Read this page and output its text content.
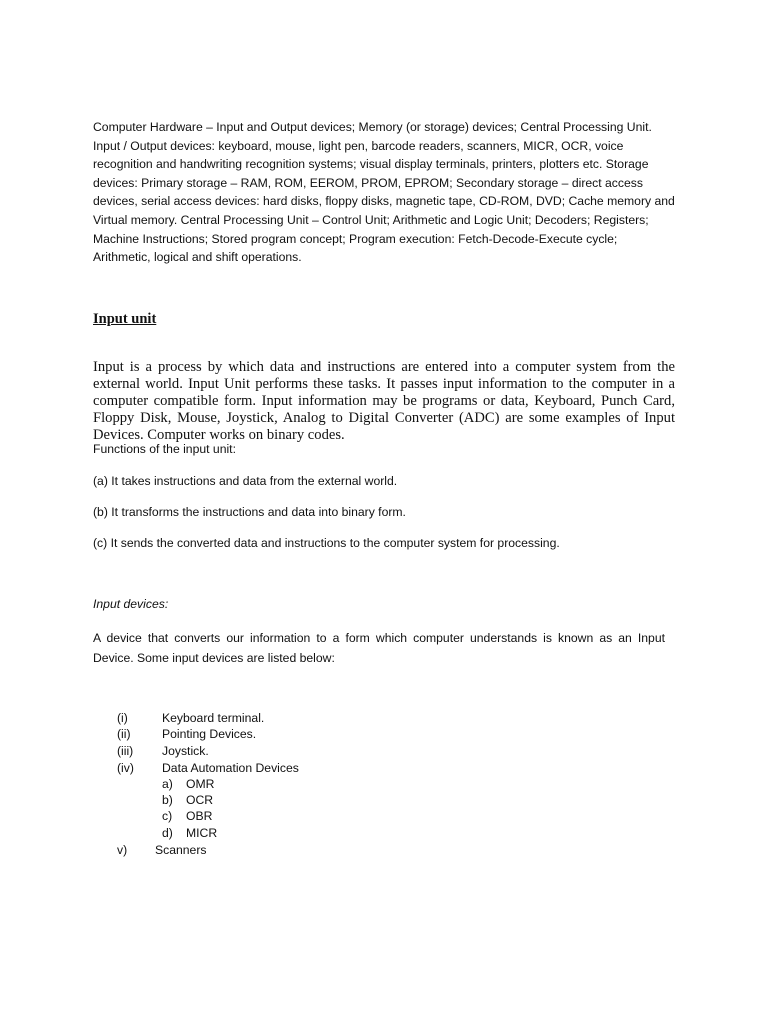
Computer Hardware – Input and Output devices; Memory (or storage) devices; Central Processing Unit. Input / Output devices: keyboard, mouse, light pen, barcode readers, scanners, MICR, OCR, voice recognition and handwriting recognition systems; visual display terminals, printers, plotters etc. Storage devices: Primary storage – RAM, ROM, EEROM, PROM, EPROM; Secondary storage – direct access devices, serial access devices: hard disks, floppy disks, magnetic tape, CD-ROM, DVD; Cache memory and Virtual memory. Central Processing Unit – Control Unit; Arithmetic and Logic Unit; Decoders; Registers; Machine Instructions; Stored program concept; Program execution: Fetch-Decode-Execute cycle; Arithmetic, logical and shift operations.

Input unit

Input is a process by which data and instructions are entered into a computer system from the external world. Input Unit performs these tasks. It passes input information to the computer in a computer compatible form. Input information may be programs or data, Keyboard, Punch Card, Floppy Disk, Mouse, Joystick, Analog to Digital Converter (ADC) are some examples of Input Devices. Computer works on binary codes.

Functions of the input unit:

(a) It takes instructions and data from the external world.

(b) It transforms the instructions and data into binary form.

(c) It sends the converted data and instructions to the computer system for processing.

Input devices:

A device that converts our information to a form which computer understands is known as an Input Device. Some input devices are listed below:

(i)	Keyboard terminal.
(ii)	Pointing Devices.
(iii) Joystick.
(iv) Data Automation Devices
a) OMR
b) OCR
c) OBR
d) MICR
v) Scanners
